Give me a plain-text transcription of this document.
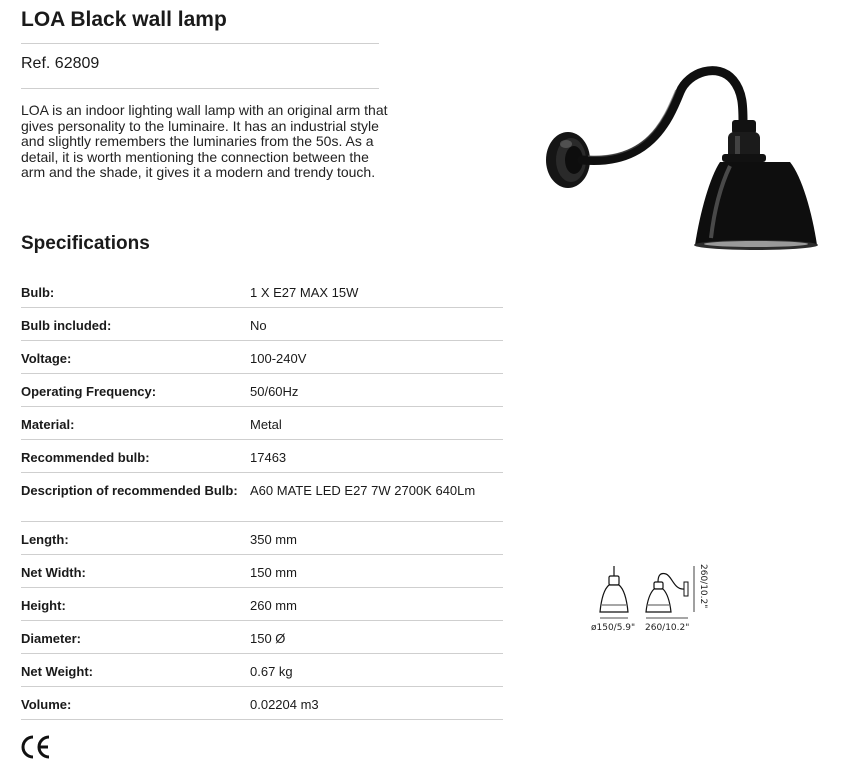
LOA Black wall lamp
Ref. 62809
LOA is an indoor lighting wall lamp with an original arm that gives personality to the luminaire. It has an industrial style and slightly remembers the luminaries from the 50s. As a detail, it is worth mentioning the connection between the arm and the shade, it gives it a modern and trendy touch.
Specifications
Bulb:	1 X E27 MAX 15W
Bulb included:	No
Voltage:	100-240V
Operating Frequency:	50/60Hz
Material:	Metal
Recommended bulb:	17463
Description of recommended Bulb: A60 MATE LED E27 7W 2700K 640Lm
Length:	350 mm
Net Width:	150 mm
Height:	260 mm
Diameter:	150 Ø
Net Weight:	0.67 kg
Volume:	0.02204 m3
ø150/5.9" 260/10.2"
260/10.2"
